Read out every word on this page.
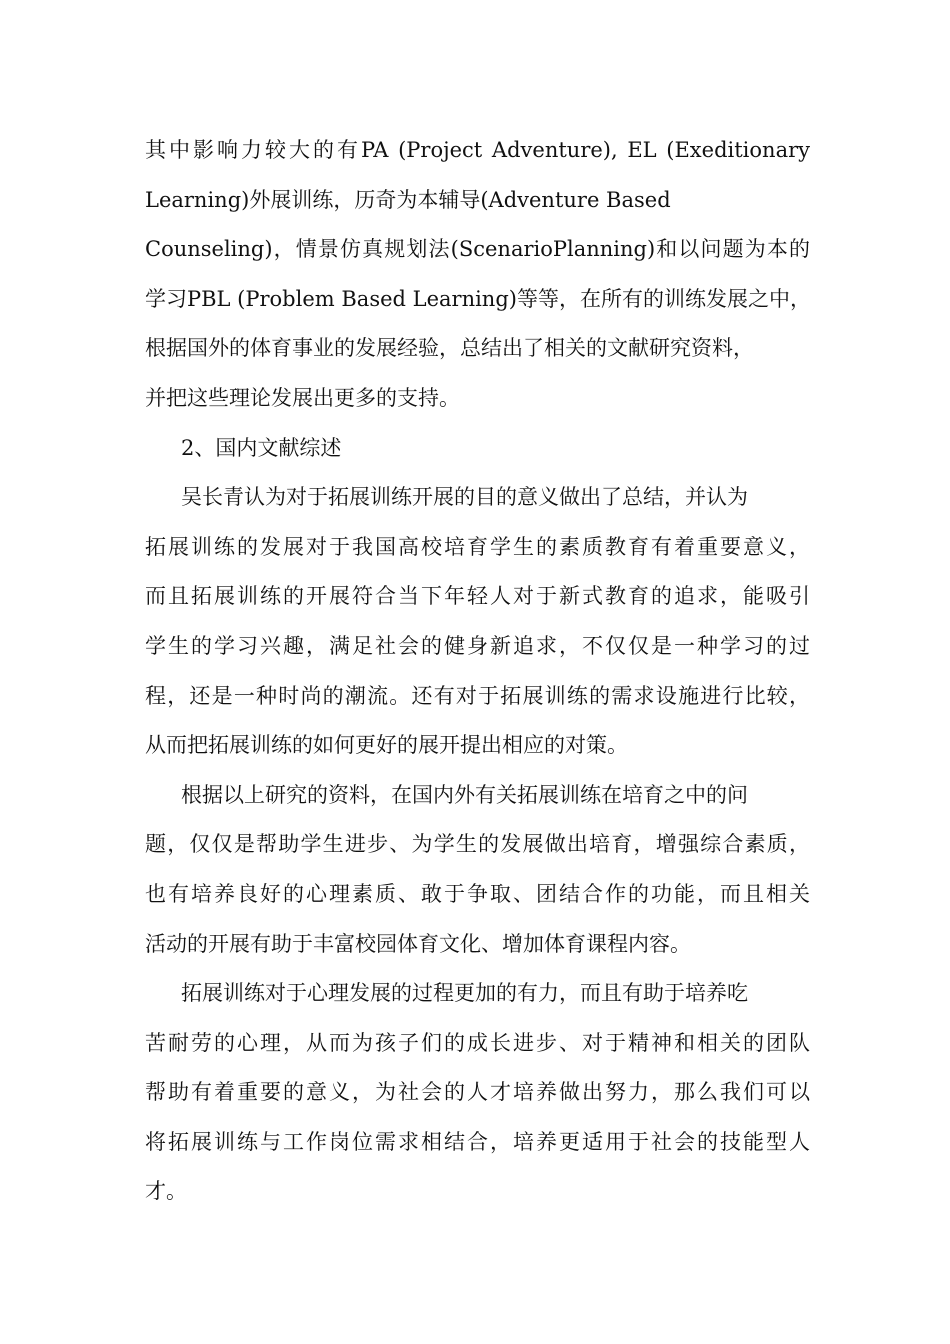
其中影响力较大的有PA (Project Adventure), EL (Exeditionary
Learning)外展训练，历奇为本辅导(Adventure Based
Counseling)，情景仿真规划法(ScenarioPlanning)和以问题为本的
学习PBL (Problem Based Learning)等等，在所有的训练发展之中，
根据国外的体育事业的发展经验，总结出了相关的文献研究资料，
并把这些理论发展出更多的支持。
2、国内文献综述
吴长青认为对于拓展训练开展的目的意义做出了总结，并认为
拓展训练的发展对于我国高校培育学生的素质教育有着重要意义，
而且拓展训练的开展符合当下年轻人对于新式教育的追求，能吸引
学生的学习兴趣，满足社会的健身新追求，不仅仅是一种学习的过
程，还是一种时尚的潮流。还有对于拓展训练的需求设施进行比较，
从而把拓展训练的如何更好的展开提出相应的对策。
根据以上研究的资料，在国内外有关拓展训练在培育之中的问
题，仅仅是帮助学生进步、为学生的发展做出培育，增强综合素质，
也有培养良好的心理素质、敢于争取、团结合作的功能，而且相关
活动的开展有助于丰富校园体育文化、增加体育课程内容。
拓展训练对于心理发展的过程更加的有力，而且有助于培养吃
苦耐劳的心理，从而为孩子们的成长进步、对于精神和相关的团队
帮助有着重要的意义，为社会的人才培养做出努力，那么我们可以
将拓展训练与工作岗位需求相结合，培养更适用于社会的技能型人
才。
